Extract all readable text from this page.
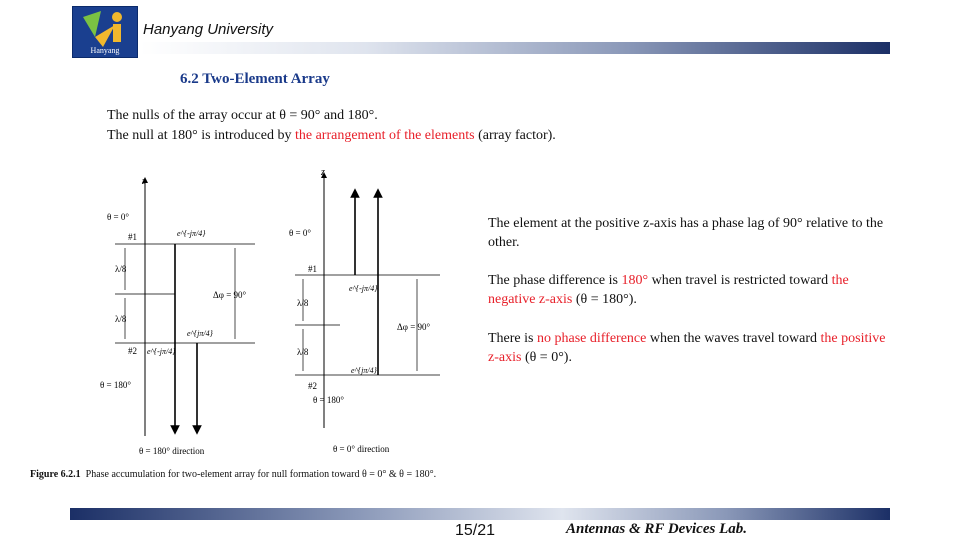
Hanyang
Hanyang University
6.2 Two-Element Array
The nulls of the array occur at θ = 90° and 180°.
The null at 180° is introduced by the arrangement of the elements (array factor).
z
θ = 0°
#1
#2
λ/8
λ/8
e^{-jπ/4}
e^{jπ/4}
e^{-jπ/4}
Δφ = 90°
θ = 180°
θ = 180° direction
z
θ = 0°
#1
#2
λ/8
λ/8
e^{-jπ/4}
e^{jπ/4}
Δφ = 90°
θ = 180°
θ = 0° direction
The element at the positive z-axis has a phase lag of 90° relative to the other.
The phase difference is 180° when travel is restricted toward the negative z-axis (θ = 180°).
There is no phase difference when the waves travel toward the positive z-axis (θ = 0°).
Figure 6.2.1 Phase accumulation for two-element array for null formation toward θ = 0° & θ = 180°.
15/21	Antennas & RF Devices Lab.
